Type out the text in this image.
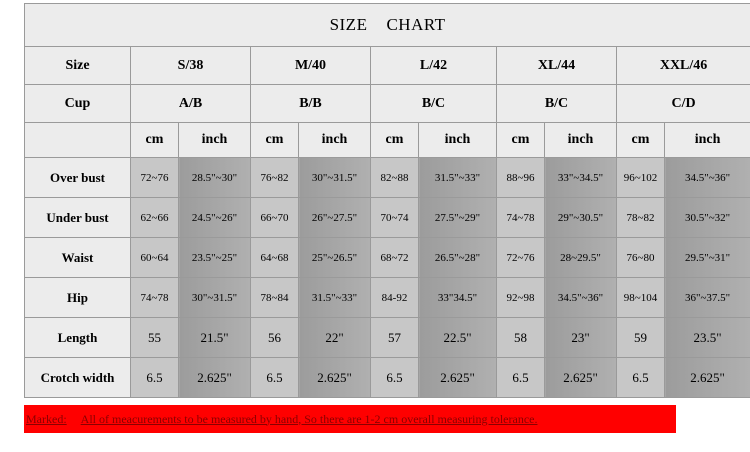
SIZE    CHART										
Size	S/38		M/40		L/42		XL/44		XXL/46	
Cup	A/B		B/B		B/C		B/C		C/D	
	cm	inch	cm	inch	cm	inch	cm	inch	cm	inch
Over bust	72~76	28.5"~30"	76~82	30"~31.5"	82~88	31.5"~33"	88~96	33"~34.5"	96~102	34.5"~36"
Under bust	62~66	24.5"~26"	66~70	26"~27.5"	70~74	27.5"~29"	74~78	29"~30.5"	78~82	30.5"~32"
Waist	60~64	23.5"~25"	64~68	25"~26.5"	68~72	26.5"~28"	72~76	28~29.5"	76~80	29.5"~31"
Hip	74~78	30"~31.5"	78~84	31.5"~33"	84-92	33"34.5"	92~98	34.5"~36"	98~104	36"~37.5"
Length	55	21.5"	56	22"	57	22.5"	58	23"	59	23.5"
Crotch width	6.5	2.625"	6.5	2.625"	6.5	2.625"	6.5	2.625"	6.5	2.625"
Marked: All of meacurements to be measured by hand, So there are 1-2 cm overall measuring tolerance.
